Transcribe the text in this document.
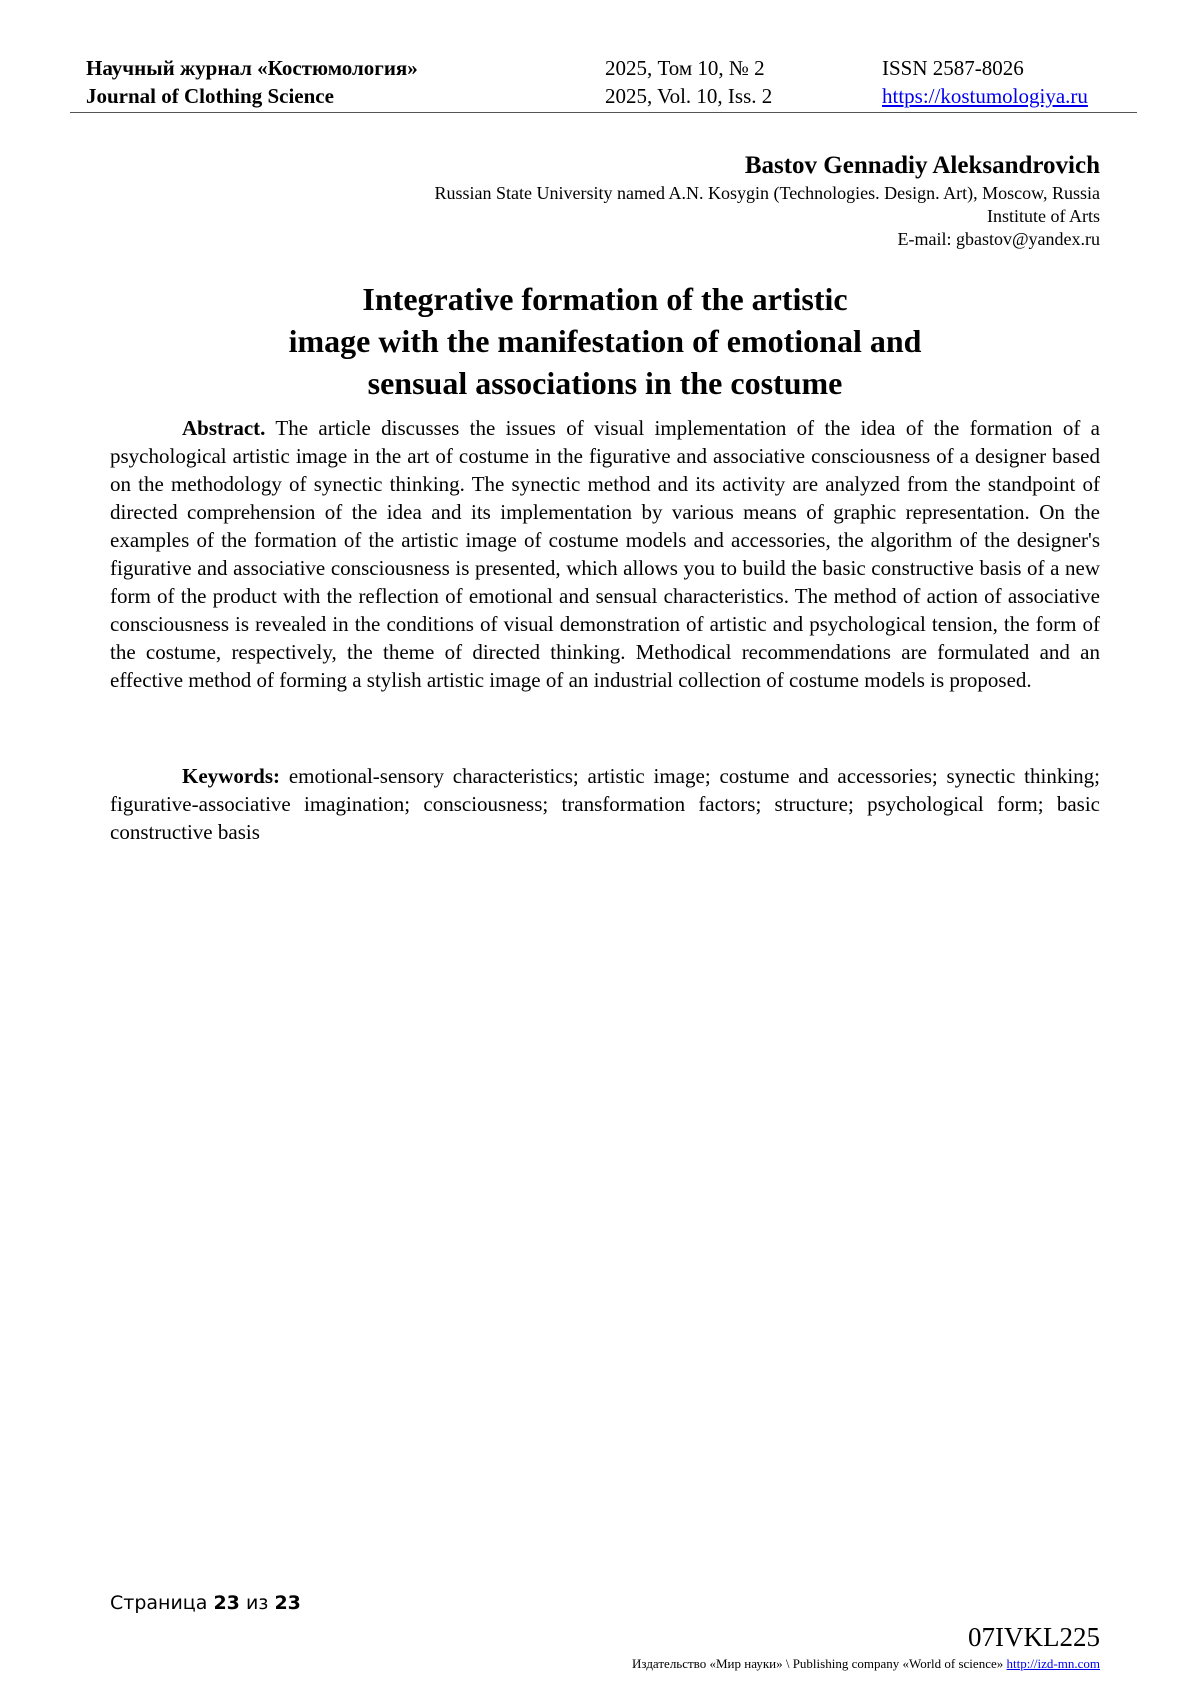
Научный журнал «Костюмология»
Journal of Clothing Science
2025, Том 10, № 2
2025, Vol. 10, Iss. 2
ISSN 2587-8026
https://kostumologiya.ru
Bastov Gennadiy Aleksandrovich
Russian State University named A.N. Kosygin (Technologies. Design. Art), Moscow, Russia
Institute of Arts
E-mail: gbastov@yandex.ru
Integrative formation of the artistic
image with the manifestation of emotional and
sensual associations in the costume
Abstract. The article discusses the issues of visual implementation of the idea of the formation of a psychological artistic image in the art of costume in the figurative and associative consciousness of a designer based on the methodology of synectic thinking. The synectic method and its activity are analyzed from the standpoint of directed comprehension of the idea and its implementation by various means of graphic representation. On the examples of the formation of the artistic image of costume models and accessories, the algorithm of the designer's figurative and associative consciousness is presented, which allows you to build the basic constructive basis of a new form of the product with the reflection of emotional and sensual characteristics. The method of action of associative consciousness is revealed in the conditions of visual demonstration of artistic and psychological tension, the form of the costume, respectively, the theme of directed thinking. Methodical recommendations are formulated and an effective method of forming a stylish artistic image of an industrial collection of costume models is proposed.
Keywords: emotional-sensory characteristics; artistic image; costume and accessories; synectic thinking; figurative-associative imagination; consciousness; transformation factors; structure; psychological form; basic constructive basis
Страница 23 из 23
07IVKL225
Издательство «Мир науки» \ Publishing company «World of science» http://izd-mn.com
